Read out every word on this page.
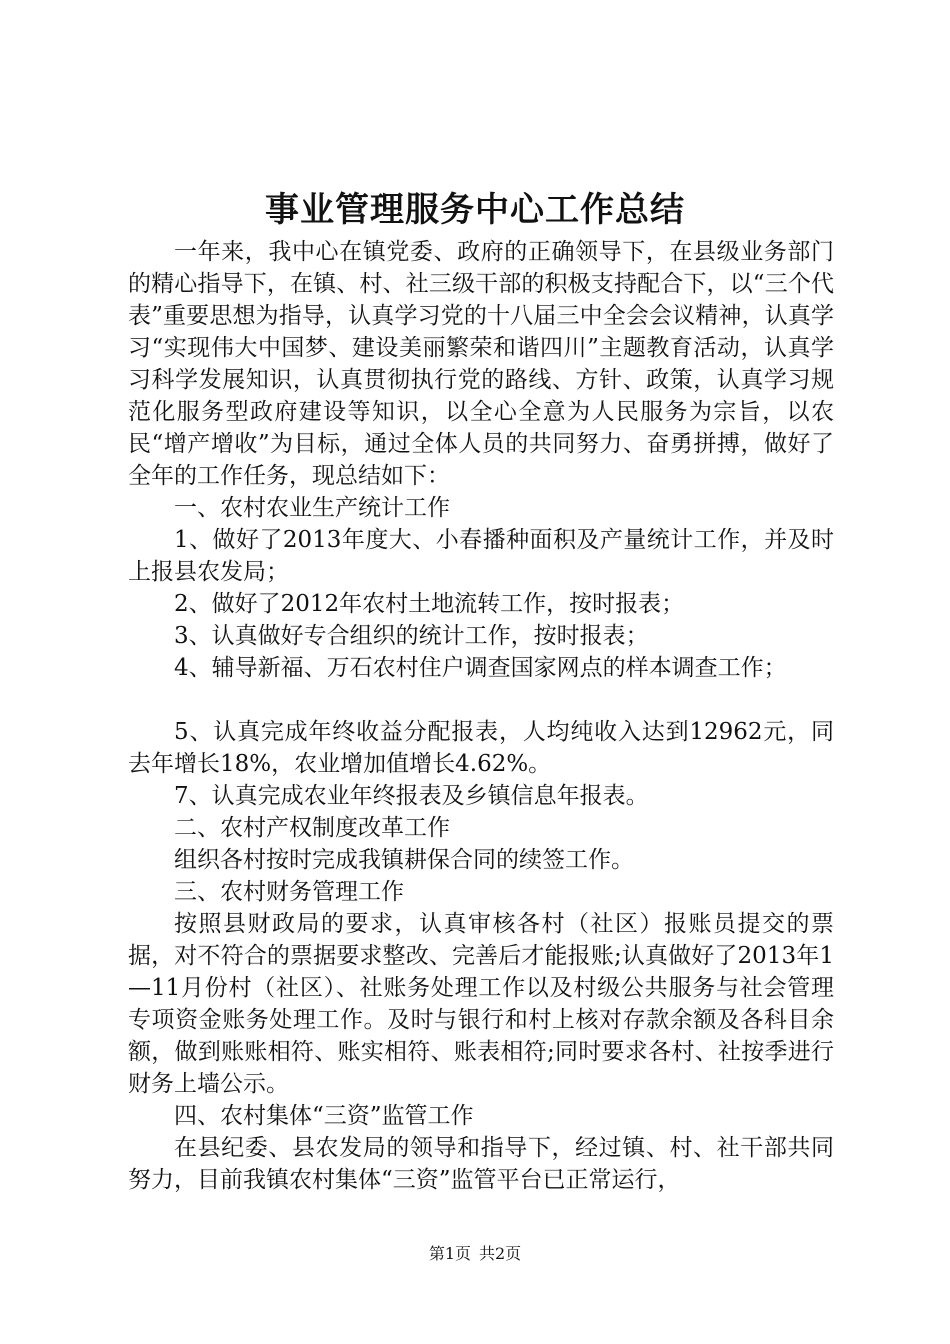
事业管理服务中心工作总结

一年来，我中心在镇党委、政府的正确领导下，在县级业务部门的精心指导下，在镇、村、社三级干部的积极支持配合下，以“三个代表”重要思想为指导，认真学习党的十八届三中全会会议精神，认真学习“实现伟大中国梦、建设美丽繁荣和谐四川”主题教育活动，认真学习科学发展知识，认真贯彻执行党的路线、方针、政策，认真学习规范化服务型政府建设等知识，以全心全意为人民服务为宗旨，以农民“增产增收”为目标，通过全体人员的共同努力、奋勇拼搏，做好了全年的工作任务，现总结如下：

一、农村农业生产统计工作

1、做好了2013年度大、小春播种面积及产量统计工作，并及时上报县农发局；

2、做好了2012年农村土地流转工作，按时报表；

3、认真做好专合组织的统计工作，按时报表；

4、辅导新福、万石农村住户调查国家网点的样本调查工作；

5、认真完成年终收益分配报表，人均纯收入达到12962元，同去年增长18%，农业增加值增长4.62%。

7、认真完成农业年终报表及乡镇信息年报表。

二、农村产权制度改革工作

组织各村按时完成我镇耕保合同的续签工作。

三、农村财务管理工作

按照县财政局的要求，认真审核各村（社区）报账员提交的票据，对不符合的票据要求整改、完善后才能报账;认真做好了2013年1—11月份村（社区）、社账务处理工作以及村级公共服务与社会管理专项资金账务处理工作。及时与银行和村上核对存款余额及各科目余额，做到账账相符、账实相符、账表相符;同时要求各村、社按季进行财务上墙公示。

四、农村集体“三资”监管工作

在县纪委、县农发局的领导和指导下，经过镇、村、社干部共同努力，目前我镇农村集体“三资”监管平台已正常运行，

第1页 共2页
